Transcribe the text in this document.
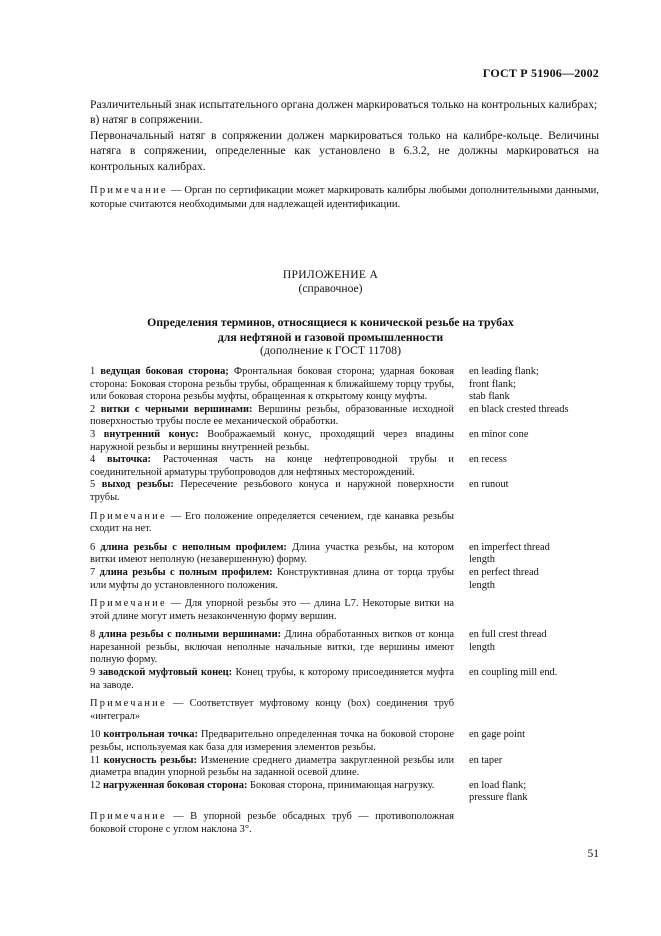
ГОСТ Р 51906—2002

Различительный знак испытательного органа должен маркироваться только на контрольных калибрах;

в) натяг в сопряжении.

Первоначальный натяг в сопряжении должен маркироваться только на калибре-кольце. Величины натяга в сопряжении, определенные как установлено в 6.3.2, не должны маркироваться на контрольных калибрах.

Примечание — Орган по сертификации может маркировать калибры любыми дополнительными данными, которые считаются необходимыми для надлежащей идентификации.

ПРИЛОЖЕНИЕ А
(справочное)
Определения терминов, относящиеся к конической резьбе на трубах
для нефтяной и газовой промышленности
(дополнение к ГОСТ 11708)
1 ведущая боковая сторона; Фронтальная боковая сторона; ударная боковая сторона: Боковая сторона резьбы трубы, обращенная к ближайшему торцу трубы, или боковая сторона резьбы муфты, обращенная к открытому концу муфты.
en leading flank;
front flank;
stab flank
2 витки с черными вершинами: Вершины резьбы, образованные исходной поверхностью трубы после ее механической обработки.
en black crested threads
3 внутренний конус: Воображаемый конус, проходящий через впадины наружной резьбы и вершины внутренней резьбы.
en minor cone
4 выточка: Расточенная часть на конце нефтепроводной трубы и соединительной арматуры трубопроводов для нефтяных месторождений.
en recess
5 выход резьбы: Пересечение резьбового конуса и наружной поверхности трубы.
en runout
Примечание — Его положение определяется сечением, где канавка резьбы сходит на нет.
6 длина резьбы с неполным профилем: Длина участка резьбы, на котором витки имеют неполную (незавершенную) форму.
en imperfect thread
length
7 длина резьбы с полным профилем: Конструктивная длина от торца трубы или муфты до установленного положения.
en perfect thread
length
Примечание — Для упорной резьбы это — длина L7. Некоторые витки на этой длине могут иметь незаконченную форму вершин.
8 длина резьбы с полными вершинами: Длина обработанных витков от конца нарезанной резьбы, включая неполные начальные витки, где вершины имеют полную форму.
en full crest thread
length
9 заводской муфтовый конец: Конец трубы, к которому присоединяется муфта на заводе.
en coupling mill end.
Примечание — Соответствует муфтовому концу (box) соединения труб «интеграл»
10 контрольная точка: Предварительно определенная точка на боковой стороне резьбы, используемая как база для измерения элементов резьбы.
en gage point
11 конусность резьбы: Изменение среднего диаметра закругленной резьбы или диаметра впадин упорной резьбы на заданной осевой длине.
en taper
12 нагруженная боковая сторона: Боковая сторона, принимающая нагрузку.	en load flank;
pressure flank
Примечание — В упорной резьбе обсадных труб — противоположная боковой стороне с углом наклона 3°.
51
